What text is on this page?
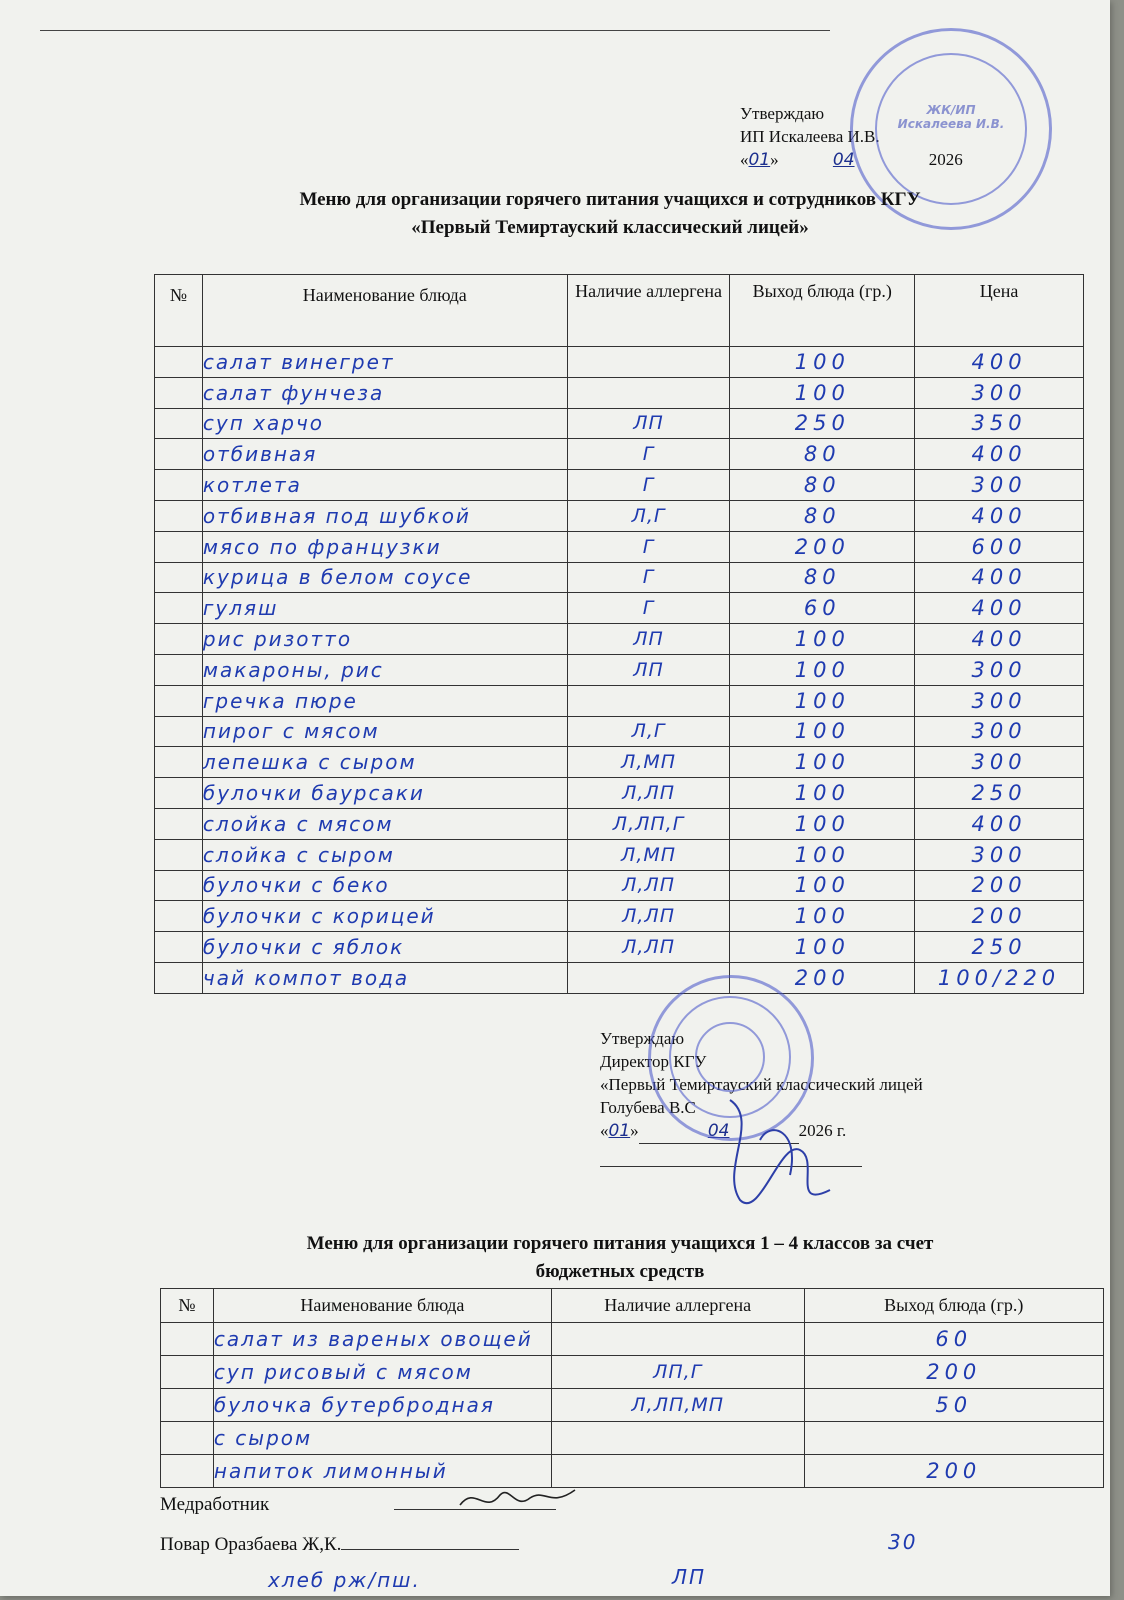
Утверждаю
ИП Искалеева И.В.
«01»	04	2026
ЖК/ИП
Искалеева И.В.
Меню для организации горячего питания учащихся и сотрудников КГУ
«Первый Темиртауский классический лицей»
№	Наименование блюда	Наличие аллергена	Выход блюда (гр.)	Цена
	салат винегрет		100	400
	салат фунчеза		100	300
	суп харчо	ЛП	250	350
	отбивная	Г	80	400
	котлета	Г	80	300
	отбивная под шубкой	Л,Г	80	400
	мясо по французки	Г	200	600
	курица в белом соусе	Г	80	400
	гуляш	Г	60	400
	рис ризотто	ЛП	100	400
	макароны, рис	ЛП	100	300
	гречка пюре		100	300
	пирог с мясом	Л,Г	100	300
	лепешка с сыром	Л,МП	100	300
	булочки баурсаки	Л,ЛП	100	250
	слойка с мясом	Л,ЛП,Г	100	400
	слойка с сыром	Л,МП	100	300
	булочки с беко	Л,ЛП	100	200
	булочки с корицей	Л,ЛП	100	200
	булочки с яблок	Л,ЛП	100	250
	чай компот вода		200	100/220
Утверждаю
Директор КГУ
«Первый Темиртауский классический лицей
Голубева В.С
«01»	04	2026 г.
Меню для организации горячего питания учащихся 1 – 4 классов за счет
бюджетных средств
№	Наименование блюда	Наличие аллергена	Выход блюда (гр.)
	салат из вареных овощей		60
	суп рисовый с мясом	ЛП,Г	200
	булочка бутербродная	Л,ЛП,МП	50
	с сыром		
	напиток лимонный		200
Медработник
Повар Оразбаева Ж,К.
хлеб рж/пш.	ЛП
30
